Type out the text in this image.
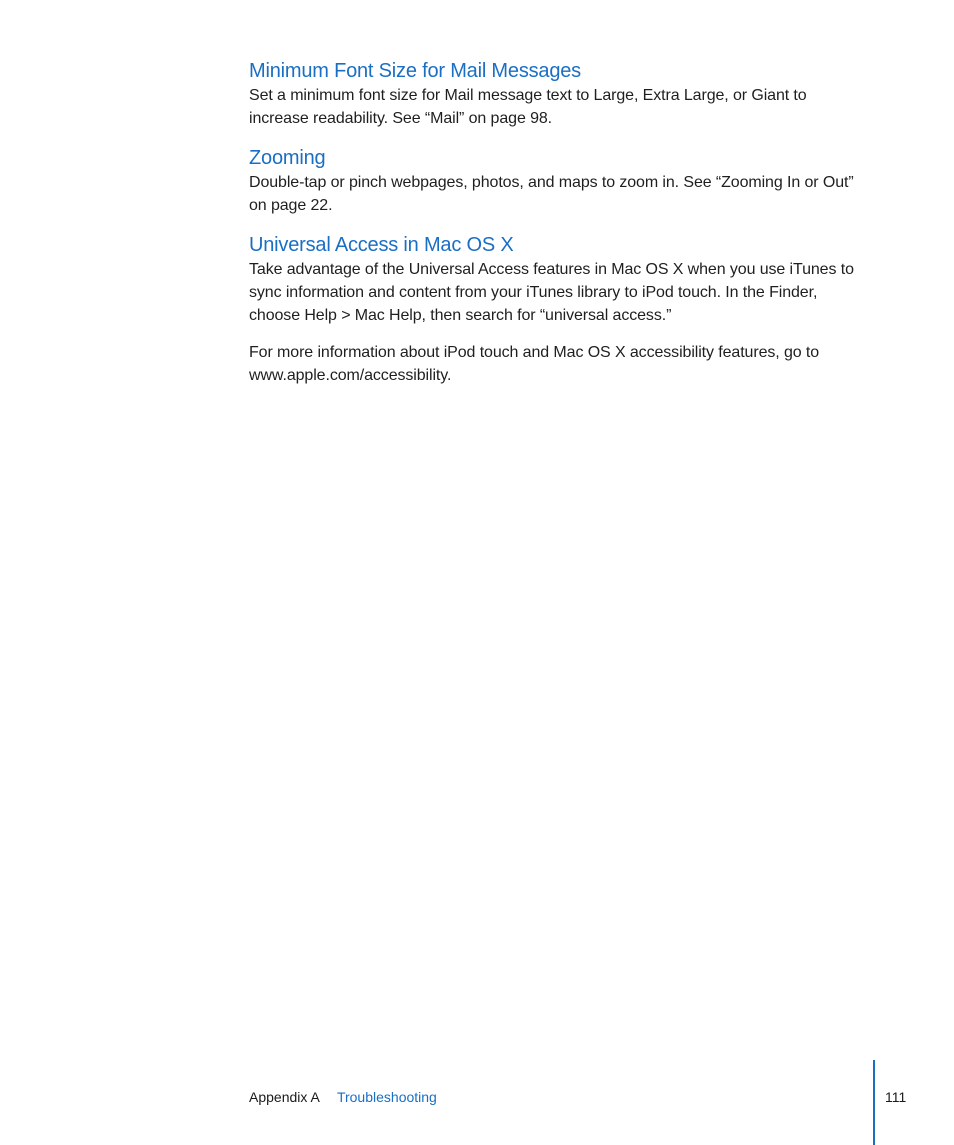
Minimum Font Size for Mail Messages

Set a minimum font size for Mail message text to Large, Extra Large, or Giant to increase readability. See “Mail” on page 98.

Zooming

Double-tap or pinch webpages, photos, and maps to zoom in. See “Zooming In or Out” on page 22.

Universal Access in Mac OS X

Take advantage of the Universal Access features in Mac OS X when you use iTunes to sync information and content from your iTunes library to iPod touch. In the Finder, choose Help > Mac Help, then search for “universal access.”

For more information about iPod touch and Mac OS X accessibility features, go to www.apple.com/accessibility.

Appendix A Troubleshooting	111
